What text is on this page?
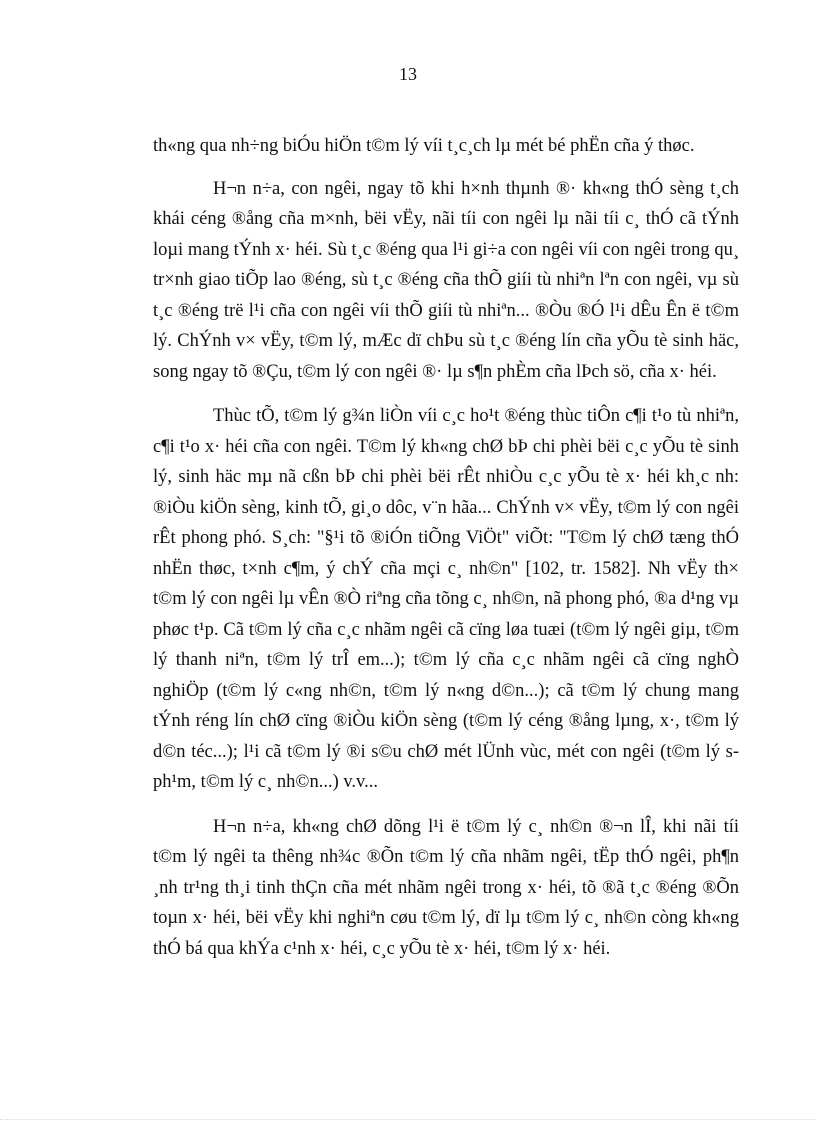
13

th«ng qua nh÷ng biÓu hiÖn t©m lý víi t¸c¸ch lµ mét bé phËn cña ý thøc.

H¬n n÷a, con ngêi, ngay tõ khi h×nh thµnh ®· kh«ng thÓ sèng t¸ch khái céng ®ång cña m×nh, bëi vËy, nãi tíi con ngêi lµ nãi tíi c¸ thÓ cã tÝnh loµi mang tÝnh x· héi. Sù t¸c ®éng qua l¹i gi÷a con ngêi víi con ngêi trong qu¸ tr×nh giao tiÕp lao ®éng, sù t¸c ®éng cña thÕ giíi tù nhiªn lªn con ngêi, vµ sù t¸c ®éng trë l¹i cña con ngêi víi thÕ giíi tù nhiªn... ®Òu ®Ó l¹i dÊu Ên ë t©m lý. ChÝnh v× vËy, t©m lý, mÆc dï chÞu sù t¸c ®éng lín cña yÕu tè sinh häc, song ngay tõ ®Çu, t©m lý con ngêi ®· lµ s¶n phÈm cña lÞch sö, cña x· héi.

Thùc tÕ, t©m lý g¾n liÒn víi c¸c ho¹t ®éng thùc tiÔn c¶i t¹o tù nhiªn, c¶i t¹o x· héi cña con ngêi. T©m lý kh«ng chØ bÞ chi phèi bëi c¸c yÕu tè sinh lý, sinh häc mµ nã cßn bÞ chi phèi bëi rÊt nhiÒu c¸c yÕu tè x· héi kh¸c nh: ®iÒu kiÖn sèng, kinh tÕ, gi¸o dôc, v¨n hãa... ChÝnh v× vËy, t©m lý con ngêi rÊt phong phó. S¸ch: "§¹i tõ ®iÓn tiÕng ViÖt" viÕt: "T©m lý chØ tæng thÓ nhËn thøc, t×nh c¶m, ý chÝ cña mçi c¸ nh©n" [102, tr. 1582]. Nh vËy th× t©m lý con ngêi lµ vÊn ®Ò riªng cña tõng c¸ nh©n, nã phong phó, ®a d¹ng vµ phøc t¹p. Cã t©m lý cña c¸c nhãm ngêi cã cïng løa tuæi (t©m lý ngêi giµ, t©m lý thanh niªn, t©m lý trÎ em...); t©m lý cña c¸c nhãm ngêi cã cïng nghÒ nghiÖp (t©m lý c«ng nh©n, t©m lý n«ng d©n...); cã t©m lý chung mang tÝnh réng lín chØ cïng ®iÒu kiÖn sèng (t©m lý céng ®ång lµng, x·, t©m lý d©n téc...); l¹i cã t©m lý ®i s©u chØ mét lÜnh vùc, mét con ngêi (t©m lý s ph¹m, t©m lý c¸ nh©n...) v.v...

H¬n n÷a, kh«ng chØ dõng l¹i ë t©m lý c¸ nh©n ®¬n lÎ, khi nãi tíi t©m lý ngêi ta thêng nh¾c ®Õn t©m lý cña nhãm ngêi, tËp thÓ ngêi, ph¶n ¸nh tr¹ng th¸i tinh thÇn cña mét nhãm ngêi trong x· héi, tõ ®ã t¸c ®éng ®Õn toµn x· héi, bëi vËy khi nghiªn cøu t©m lý, dï lµ t©m lý c¸ nh©n còng kh«ng thÓ bá qua khÝa c¹nh x· héi, c¸c yÕu tè x· héi, t©m lý x· héi.
